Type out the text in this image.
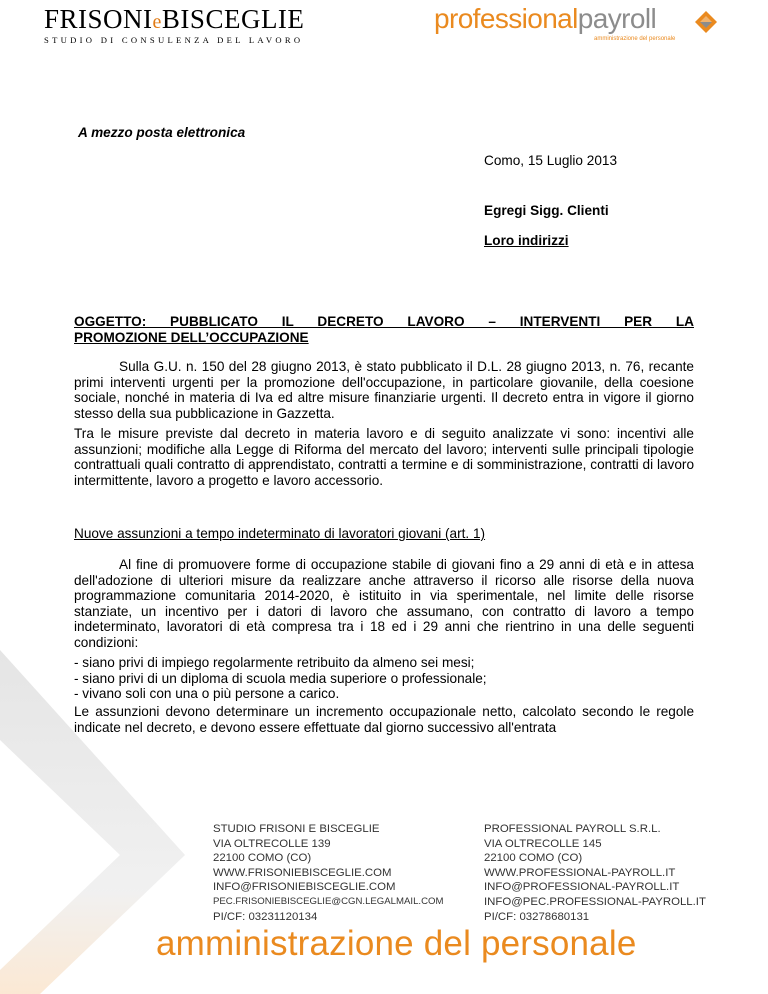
FRISONIeBISCEGLIE
STUDIO DI CONSULENZA DEL LAVORO
professionalpayroll
amministrazione del personale
A mezzo posta elettronica
Como, 15 Luglio 2013
Egregi Sigg. Clienti
Loro indirizzi
OGGETTO: PUBBLICATO IL DECRETO LAVORO – INTERVENTI PER LA
PROMOZIONE DELL’OCCUPAZIONE
Sulla G.U. n. 150 del 28 giugno 2013, è stato pubblicato il D.L. 28 giugno 2013, n. 76, recante primi interventi urgenti per la promozione dell'occupazione, in particolare giovanile, della coesione sociale, nonché in materia di Iva ed altre misure finanziarie urgenti. Il decreto entra in vigore il giorno stesso della sua pubblicazione in Gazzetta.
Tra le misure previste dal decreto in materia lavoro e di seguito analizzate vi sono: incentivi alle assunzioni; modifiche alla Legge di Riforma del mercato del lavoro; interventi sulle principali tipologie contrattuali quali contratto di apprendistato, contratti a termine e di somministrazione, contratti di lavoro intermittente, lavoro a progetto e lavoro accessorio.
Nuove assunzioni a tempo indeterminato di lavoratori giovani (art. 1)
Al fine di promuovere forme di occupazione stabile di giovani fino a 29 anni di età e in attesa dell'adozione di ulteriori misure da realizzare anche attraverso il ricorso alle risorse della nuova programmazione comunitaria 2014-2020, è istituito in via sperimentale, nel limite delle risorse stanziate, un incentivo per i datori di lavoro che assumano, con contratto di lavoro a tempo indeterminato, lavoratori di età compresa tra i 18 ed i 29 anni che rientrino in una delle seguenti condizioni:
- siano privi di impiego regolarmente retribuito da almeno sei mesi;
- siano privi di un diploma di scuola media superiore o professionale;
- vivano soli con una o più persone a carico.
Le assunzioni devono determinare un incremento occupazionale netto, calcolato secondo le regole indicate nel decreto, e devono essere effettuate dal giorno successivo all'entrata
STUDIO FRISONI E BISCEGLIE
VIA OLTRECOLLE 139
22100 COMO (CO)
WWW.FRISONIEBISCEGLIE.COM
INFO@FRISONIEBISCEGLIE.COM
PEC.FRISONIEBISCEGLIE@CGN.LEGALMAIL.COM
PI/CF: 03231120134
PROFESSIONAL PAYROLL S.R.L.
VIA OLTRECOLLE 145
22100 COMO (CO)
WWW.PROFESSIONAL-PAYROLL.IT
INFO@PROFESSIONAL-PAYROLL.IT
INFO@PEC.PROFESSIONAL-PAYROLL.IT
PI/CF: 03278680131
amministrazione del personale
